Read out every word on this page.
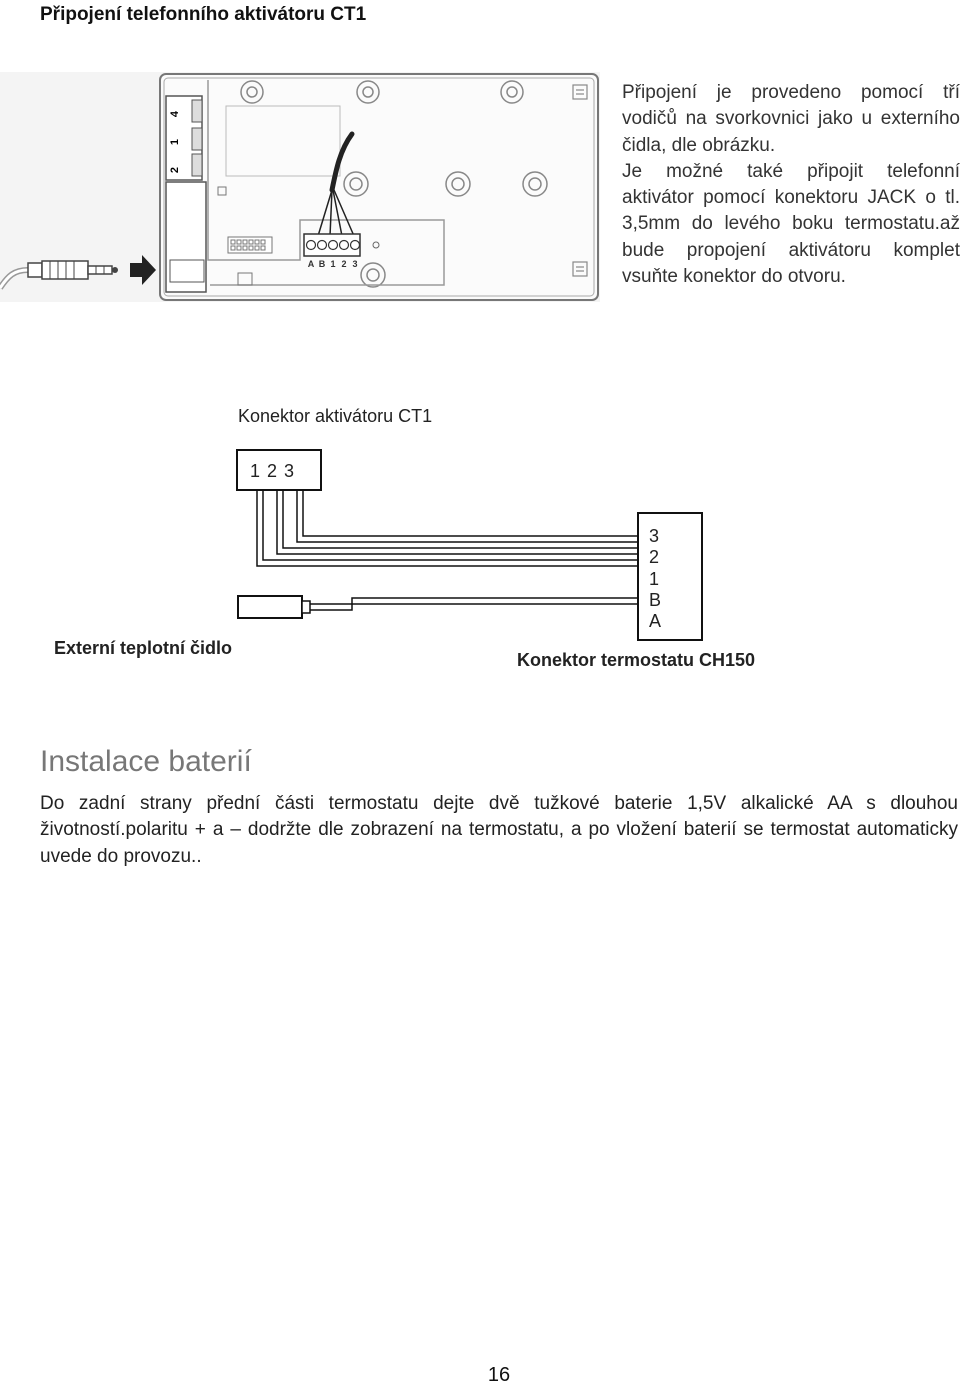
Připojení telefonního aktivátoru CT1
4
1
2
A B 1 2 3

Připojení je provedeno pomocí tří vodičů na svorkovnici jako u externího čidla, dle obrázku.

Je možné také připojit telefonní aktivátor pomocí konektoru JACK o tl. 3,5mm do levého boku termostatu.až bude propojení aktivátoru komplet vsuňte konektor do otvoru.

Konektor aktivátoru CT1
1 2 3
3
2
1
B
A
Externí teplotní čidlo
Konektor termostatu CH150
Instalace baterií

Do zadní strany přední části termostatu dejte dvě tužkové baterie 1,5V alkalické AA s dlouhou životností.polaritu + a – dodržte dle zobrazení na termostatu, a po vložení baterií se termostat automaticky uvede do provozu..

16
